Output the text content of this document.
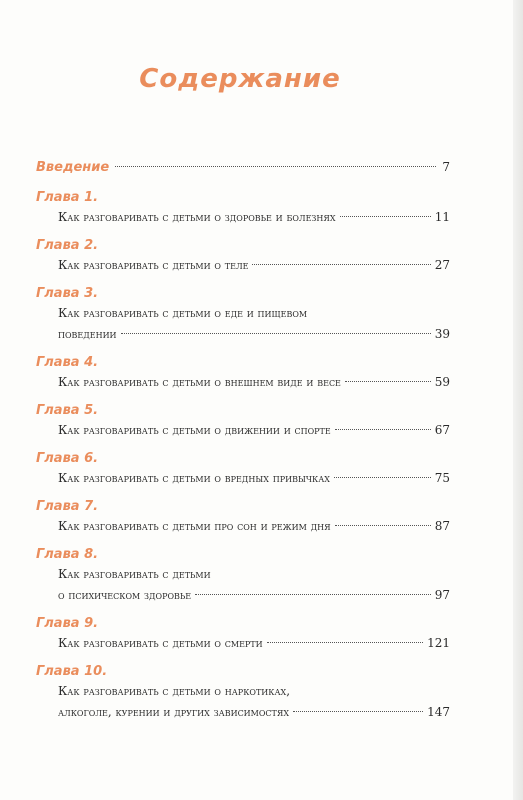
Содержание
Введение	7
Глава 1.
Как разговаривать с детьми о здоровье и болезнях	11
Глава 2.
Как разговаривать с детьми о теле	27
Глава 3.
Как разговаривать с детьми о еде и пищевом
поведении	39
Глава 4.
Как разговаривать с детьми о внешнем виде и весе	59
Глава 5.
Как разговаривать с детьми о движении и спорте	67
Глава 6.
Как разговаривать с детьми о вредных привычках	75
Глава 7.
Как разговаривать с детьми про сон и режим дня	87
Глава 8.
Как разговаривать с детьми
о психическом здоровье	97
Глава 9.
Как разговаривать с детьми о смерти	121
Глава 10.
Как разговаривать с детьми о наркотиках,
алкоголе, курении и других зависимостях	147
